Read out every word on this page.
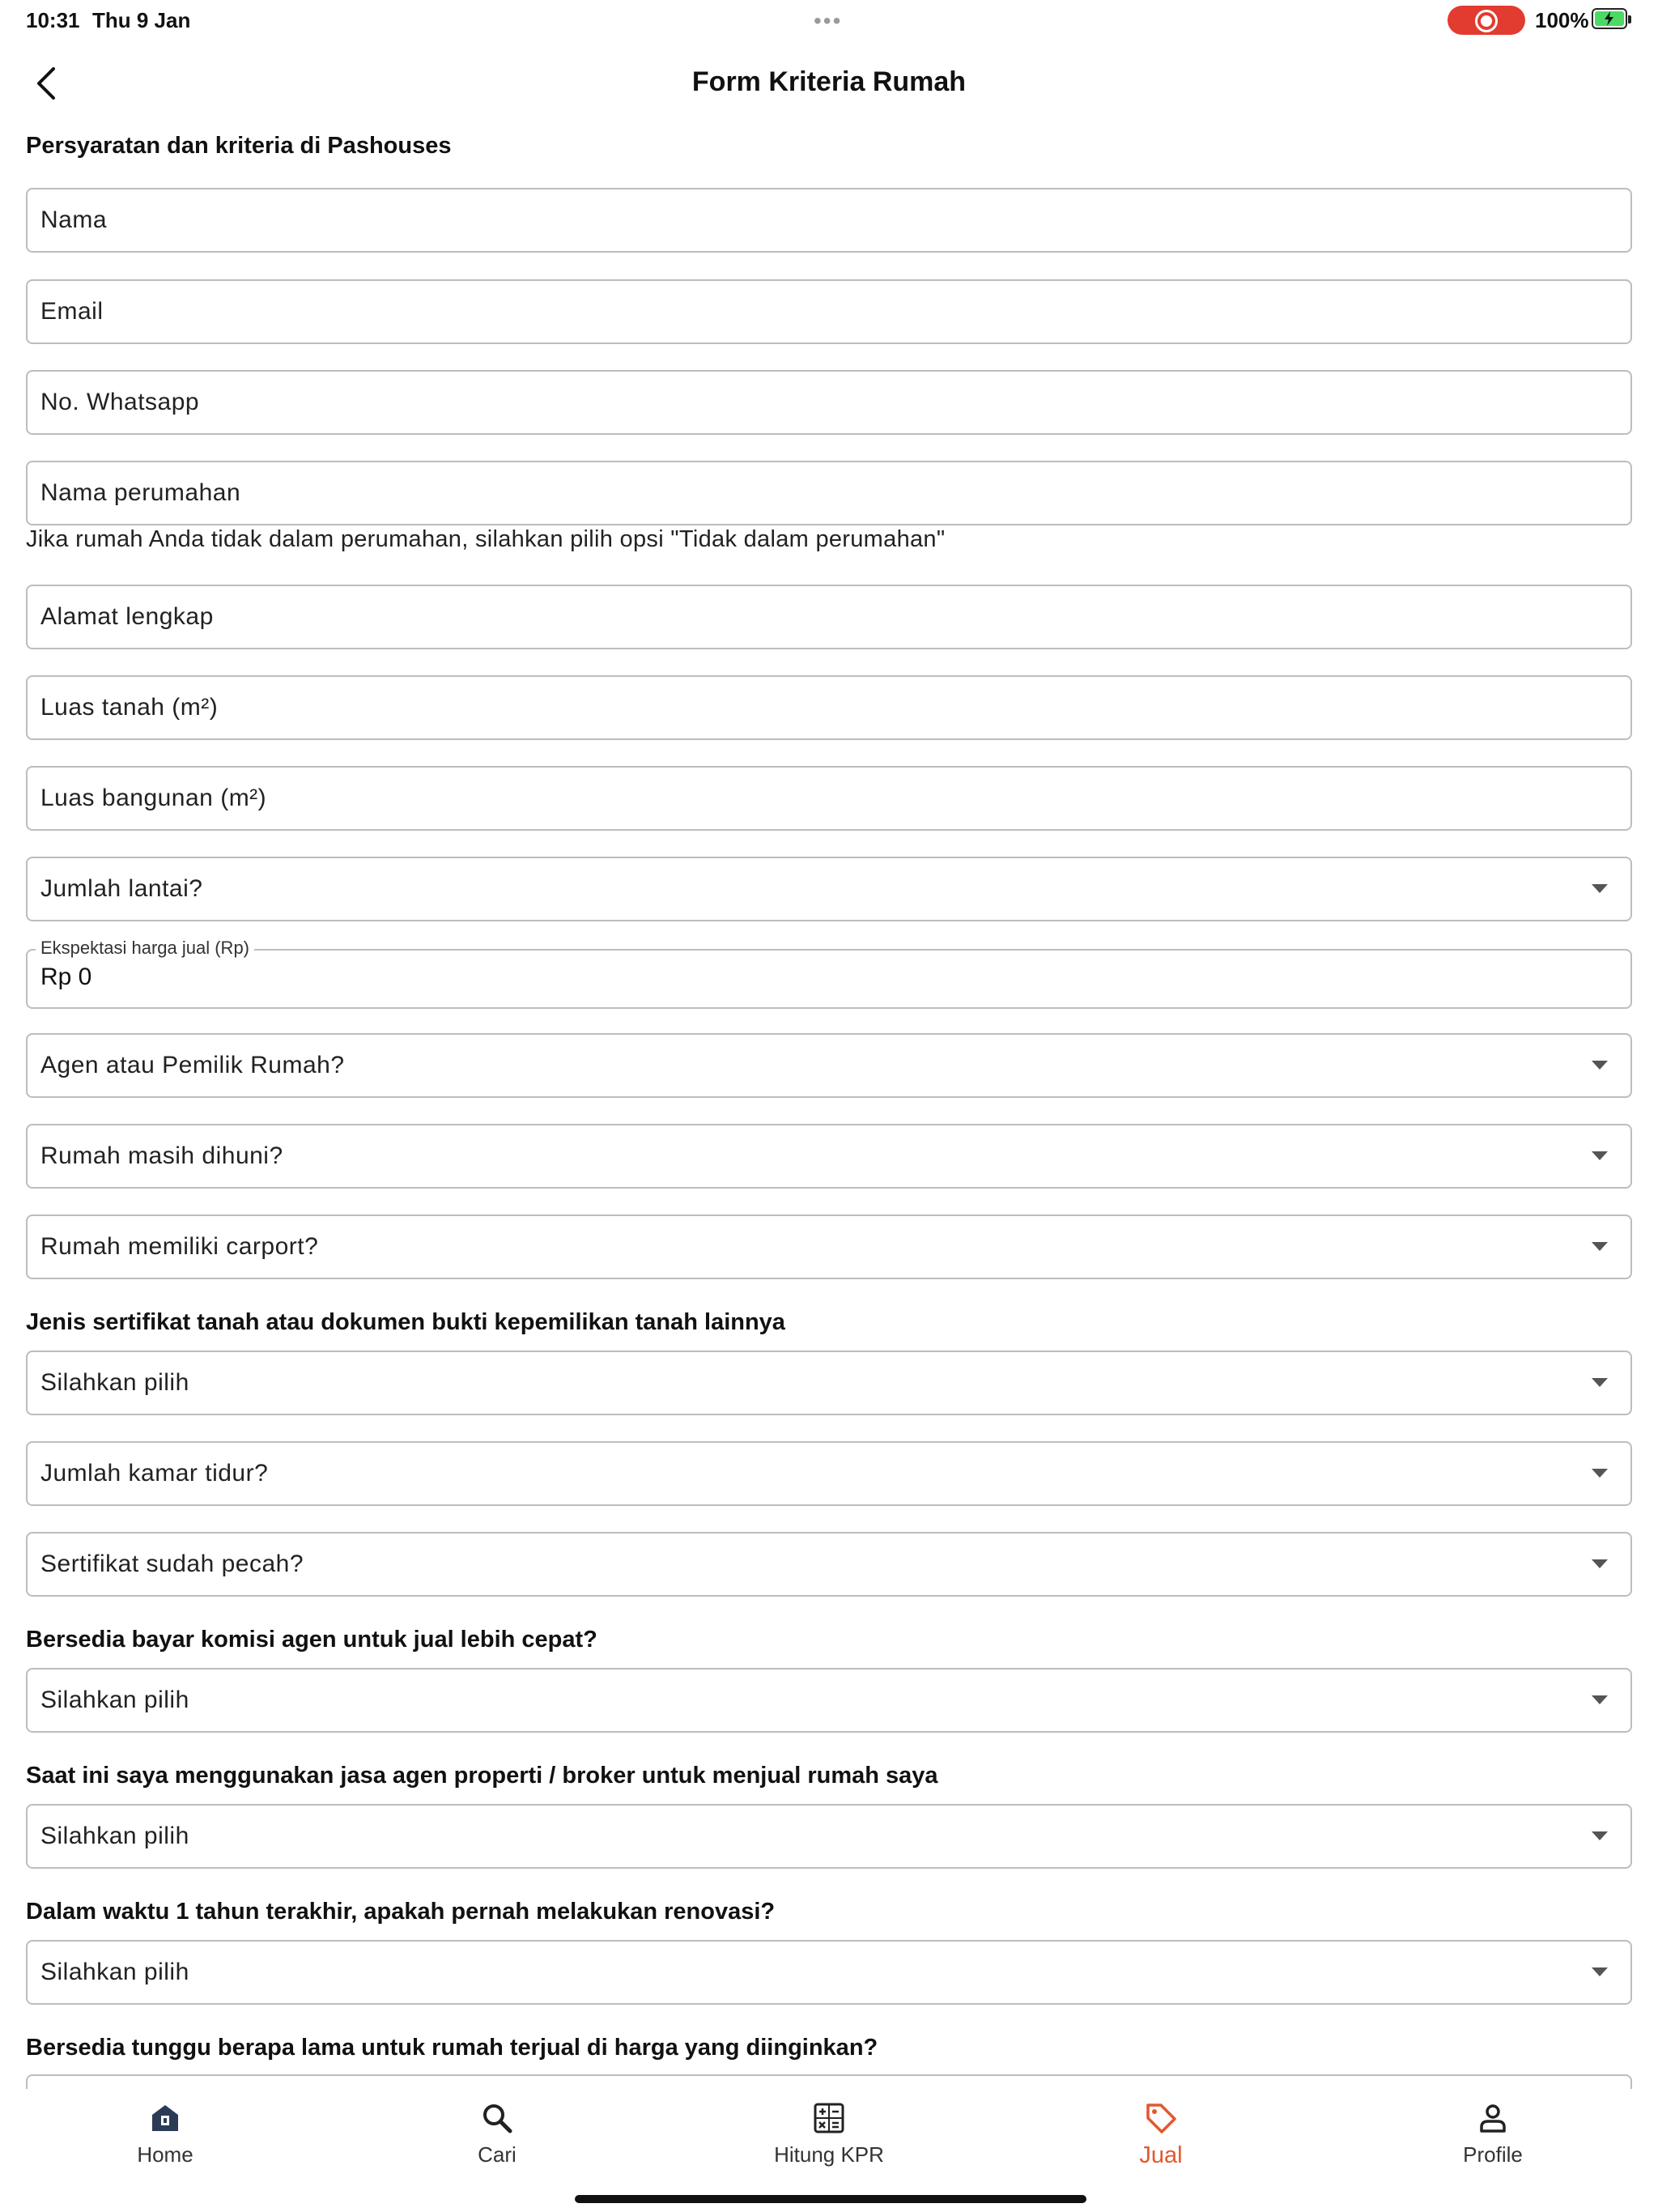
10:31 Thu 9 Jan	•••	100%
Form Kriteria Rumah
Persyaratan dan kriteria di Pashouses
Nama
Email
No. Whatsapp
Nama perumahan
Jika rumah Anda tidak dalam perumahan, silahkan pilih opsi "Tidak dalam perumahan"
Alamat lengkap
Luas tanah (m²)
Luas bangunan (m²)
Jumlah lantai?
Ekspektasi harga jual (Rp)
Rp 0
Agen atau Pemilik Rumah?
Rumah masih dihuni?
Rumah memiliki carport?
Jenis sertifikat tanah atau dokumen bukti kepemilikan tanah lainnya
Silahkan pilih
Jumlah kamar tidur?
Sertifikat sudah pecah?
Bersedia bayar komisi agen untuk jual lebih cepat?
Silahkan pilih
Saat ini saya menggunakan jasa agen properti / broker untuk menjual rumah saya
Silahkan pilih
Dalam waktu 1 tahun terakhir, apakah pernah melakukan renovasi?
Silahkan pilih
Bersedia tunggu berapa lama untuk rumah terjual di harga yang diinginkan?
Home	Cari	Hitung KPR	Jual	Profile
